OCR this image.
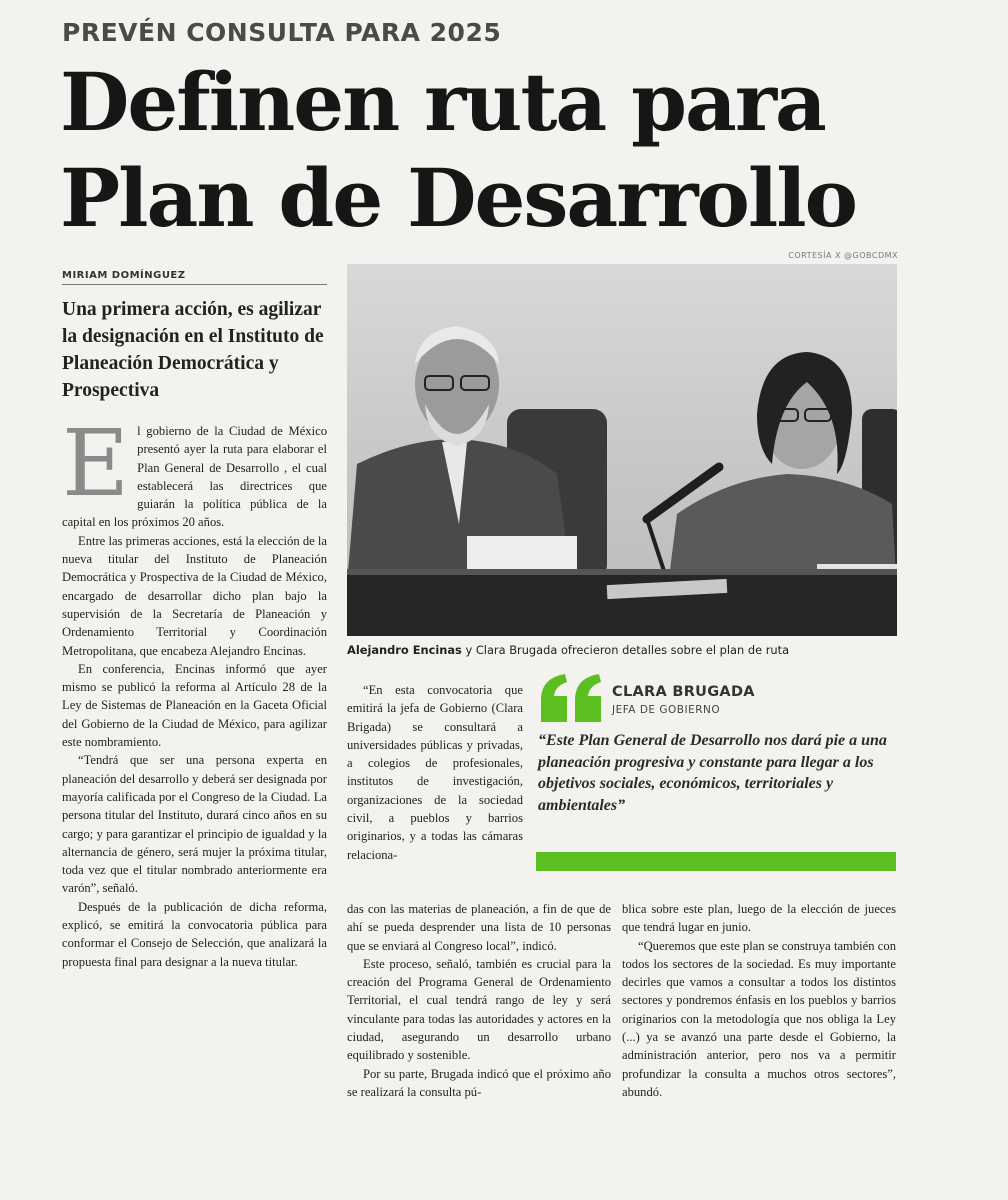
PREVÉN CONSULTA PARA 2025
Definen ruta para
Plan de Desarrollo
CORTESÍA X @GOBCDMX
MIRIAM DOMÍNGUEZ
Una primera acción, es agilizar la designación en el Instituto de Planeación Democrática y Prospectiva
E l gobierno de la Ciudad de México presentó ayer la ruta para elaborar el Plan General de Desarrollo , el cual establecerá las directrices que guiarán la política pública de la capital en los próximos 20 años.

Entre las primeras acciones, está la elección de la nueva titular del Instituto de Planeación Democrática y Prospectiva de la Ciudad de México, encargado de desarrollar dicho plan bajo la supervisión de la Secretaría de Planeación y Ordenamiento Territorial y Coordinación Metropolitana, que encabeza Alejandro Encinas.

En conferencia, Encinas informó que ayer mismo se publicó la reforma al Artículo 28 de la Ley de Sistemas de Planeación en la Gaceta Oficial del Gobierno de la Ciudad de México, para agilizar este nombramiento.

“Tendrá que ser una persona experta en planeación del desarrollo y deberá ser designada por mayoría calificada por el Congreso de la Ciudad. La persona titular del Instituto, durará cinco años en su cargo; y para garantizar el principio de igualdad y la alternancia de género, será mujer la próxima titular, toda vez que el titular nombrado anteriormente era varón”, señaló.

Después de la publicación de dicha reforma, explicó, se emitirá la convocatoria pública para conformar el Consejo de Selección, que analizará la propuesta final para designar a la nueva titular.

Alejandro Encinas y Clara Brugada ofrecieron detalles sobre el plan de ruta

“En esta convocatoria que emitirá la jefa de Gobierno (Clara Brigada) se consultará a universidades públicas y privadas, a colegios de profesionales, institutos de investigación, organizaciones de la sociedad civil, a pueblos y barrios originarios, y a todas las cámaras relaciona-

das con las materias de planeación, a fin de que de ahí se pueda desprender una lista de 10 personas que se enviará al Congreso local”, indicó.

Este proceso, señaló, también es crucial para la creación del Programa General de Ordenamiento Territorial, el cual tendrá rango de ley y será vinculante para todas las autoridades y actores en la ciudad, asegurando un desarrollo urbano equilibrado y sostenible.

Por su parte, Brugada indicó que el próximo año se realizará la consulta pú-

CLARA BRUGADA
JEFA DE GOBIERNO
“Este Plan General de Desarrollo nos dará pie a una planeación progresiva y constante para llegar a los objetivos sociales, económicos, territoriales y ambientales”

blica sobre este plan, luego de la elección de jueces que tendrá lugar en junio.

“Queremos que este plan se construya también con todos los sectores de la sociedad. Es muy importante decirles que vamos a consultar a todos los distintos sectores y pondremos énfasis en los pueblos y barrios originarios con la metodología que nos obliga la Ley (...) ya se avanzó una parte desde el Gobierno, la administración anterior, pero nos va a permitir profundizar la consulta a muchos otros sectores”, abundó.
